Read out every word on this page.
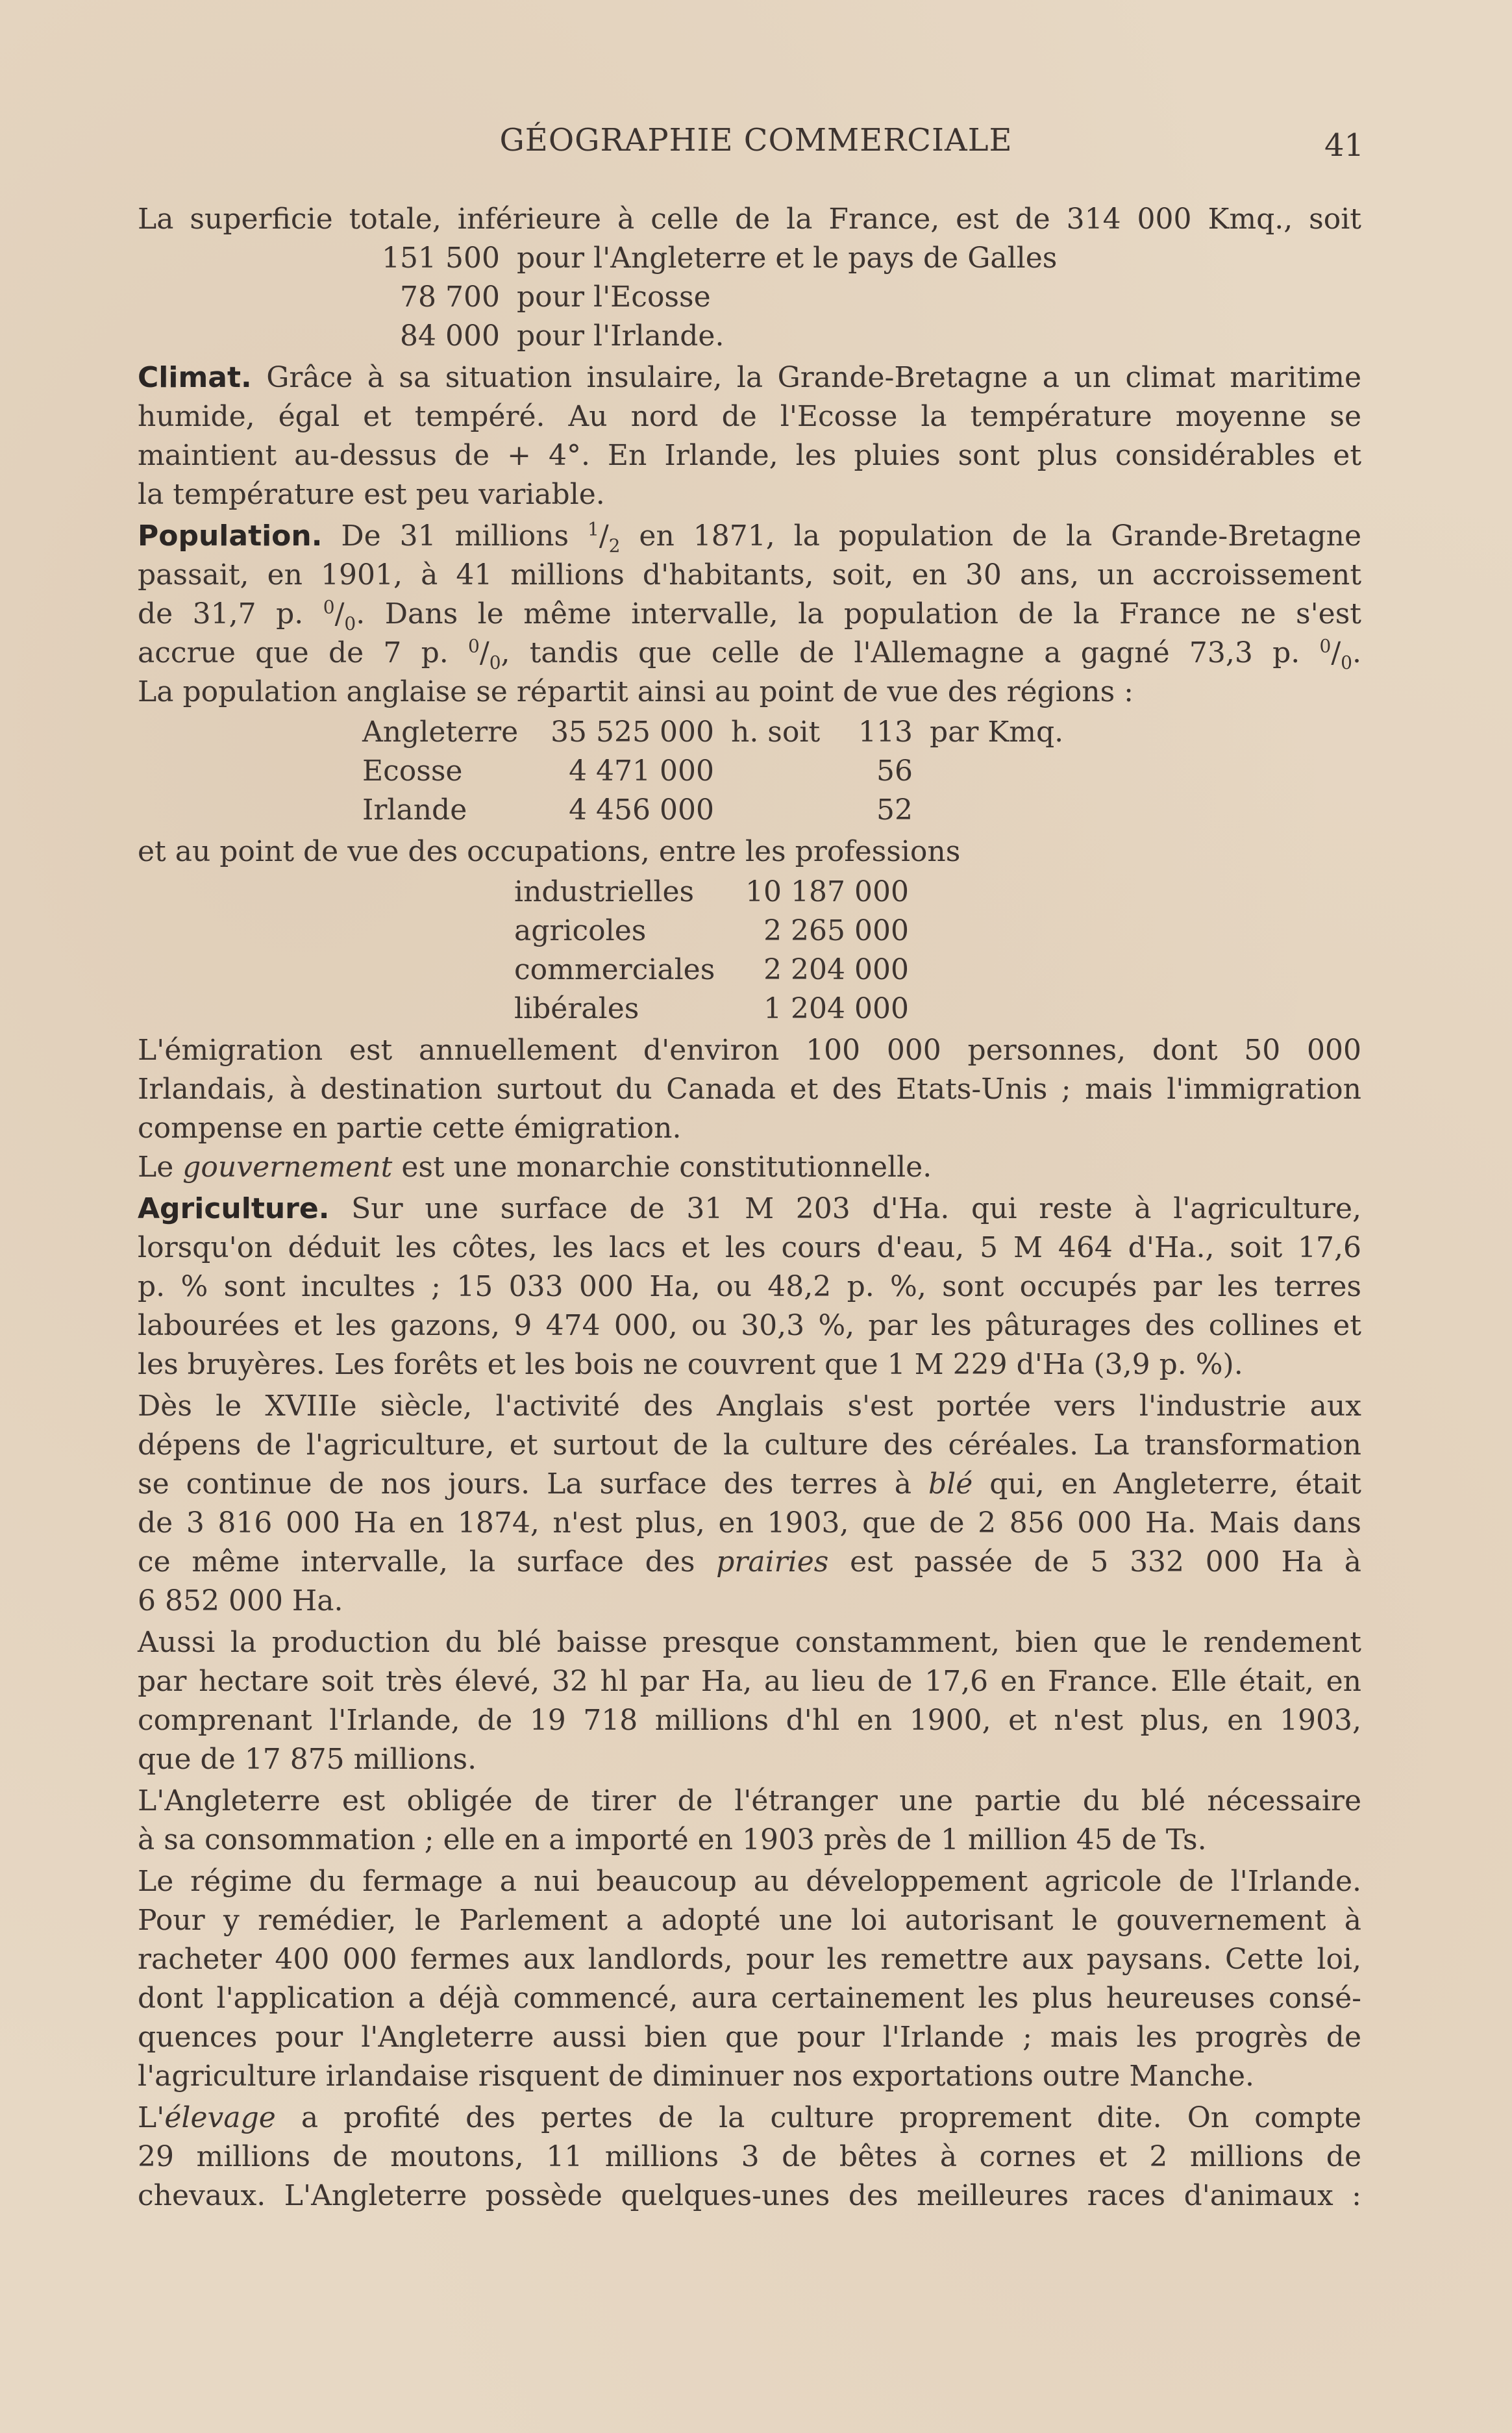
GÉOGRAPHIE COMMERCIALE	41
La superficie totale, inférieure à celle de la France, est de 314 000 Kmq., soit
151 500 pour l'Angleterre et le pays de Galles
78 700 pour l'Ecosse
84 000 pour l'Irlande.
Climat. Grâce à sa situation insulaire, la Grande-Bretagne a un climat maritime
humide, égal et tempéré. Au nord de l'Ecosse la température moyenne se
maintient au-dessus de + 4°. En Irlande, les pluies sont plus considérables et
la température est peu variable.
Population. De 31 millions $^1/_2$ en 1871, la population de la Grande-Bretagne
passait, en 1901, à 41 millions d'habitants, soit, en 30 ans, un accroissement
de 31,7 p. $^0/_0$. Dans le même intervalle, la population de la France ne s'est
accrue que de 7 p. $^0/_0$, tandis que celle de l'Allemagne a gagné 73,3 p. $^0/_0$.
La population anglaise se répartit ainsi au point de vue des régions :
Angleterre	35 525 000 h. soit 113 par Kmq.
Ecosse	4 471 000	56
Irlande	4 456 000	52
et au point de vue des occupations, entre les professions
industrielles	10 187 000
agricoles	2 265 000
commerciales	2 204 000
libérales	1 204 000
L'émigration est annuellement d'environ 100 000 personnes, dont 50 000
Irlandais, à destination surtout du Canada et des Etats-Unis ; mais l'immigration
compense en partie cette émigration.
Le gouvernement est une monarchie constitutionnelle.
Agriculture. Sur une surface de 31 M 203 d'Ha. qui reste à l'agriculture,
lorsqu'on déduit les côtes, les lacs et les cours d'eau, 5 M 464 d'Ha., soit 17,6
p. % sont incultes ; 15 033 000 Ha, ou 48,2 p. %, sont occupés par les terres
labourées et les gazons, 9 474 000, ou 30,3 %, par les pâturages des collines et
les bruyères. Les forêts et les bois ne couvrent que 1 M 229 d'Ha (3,9 p. %).
Dès le XVIIIe siècle, l'activité des Anglais s'est portée vers l'industrie aux
dépens de l'agriculture, et surtout de la culture des céréales. La transformation
se continue de nos jours. La surface des terres à blé qui, en Angleterre, était
de 3 816 000 Ha en 1874, n'est plus, en 1903, que de 2 856 000 Ha. Mais dans
ce même intervalle, la surface des prairies est passée de 5 332 000 Ha à
6 852 000 Ha.
Aussi la production du blé baisse presque constamment, bien que le rendement
par hectare soit très élevé, 32 hl par Ha, au lieu de 17,6 en France. Elle était, en
comprenant l'Irlande, de 19 718 millions d'hl en 1900, et n'est plus, en 1903,
que de 17 875 millions.
L'Angleterre est obligée de tirer de l'étranger une partie du blé nécessaire
à sa consommation ; elle en a importé en 1903 près de 1 million 45 de Ts.
Le régime du fermage a nui beaucoup au développement agricole de l'Irlande.
Pour y remédier, le Parlement a adopté une loi autorisant le gouvernement à
racheter 400 000 fermes aux landlords, pour les remettre aux paysans. Cette loi,
dont l'application a déjà commencé, aura certainement les plus heureuses consé-
quences pour l'Angleterre aussi bien que pour l'Irlande ; mais les progrès de
l'agriculture irlandaise risquent de diminuer nos exportations outre Manche.
L'élevage a profité des pertes de la culture proprement dite. On compte
29 millions de moutons, 11 millions 3 de bêtes à cornes et 2 millions de
chevaux. L'Angleterre possède quelques-unes des meilleures races d'animaux :
